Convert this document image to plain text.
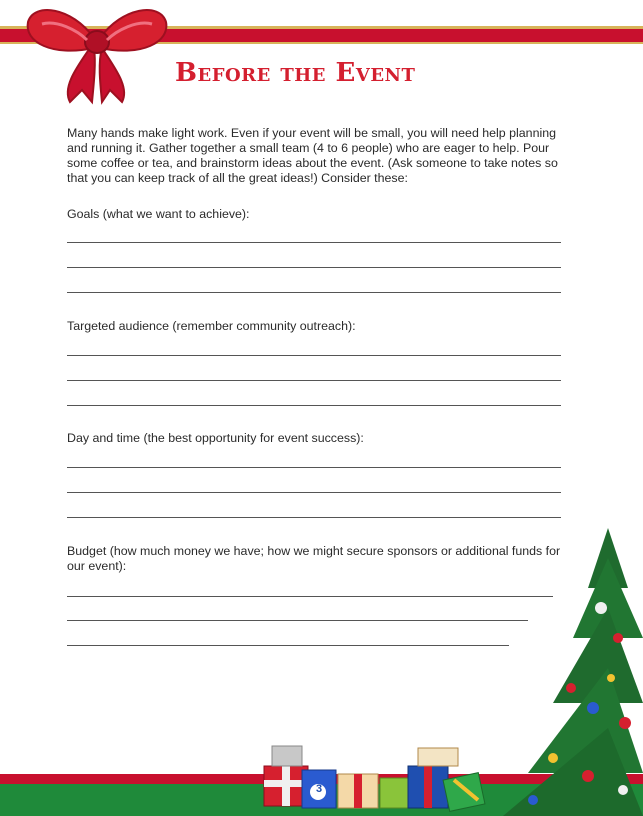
Before the Event
Many hands make light work. Even if your event will be small, you will need help planning and running it. Gather together a small team (4 to 6 people) who are eager to help. Pour some coffee or tea, and brainstorm ideas about the event. (Ask someone to take notes so that you can keep track of all the great ideas!) Consider these:
Goals (what we want to achieve):
Targeted audience (remember community outreach):
Day and time (the best opportunity for event success):
Budget (how much money we have; how we might secure sponsors or additional funds for our event):
3
